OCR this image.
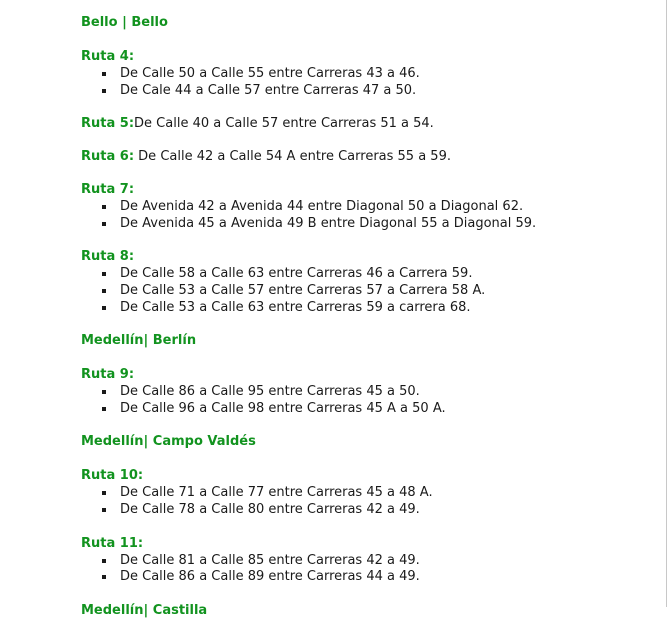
Bello | Bello
Ruta 4:
De Calle 50 a Calle 55 entre Carreras 43 a 46.
De Cale 44 a Calle 57 entre Carreras 47 a 50.
Ruta 5:De Calle 40 a Calle 57 entre Carreras 51 a 54.
Ruta 6: De Calle 42 a Calle 54 A entre Carreras 55 a 59.
Ruta 7:
De Avenida 42 a Avenida 44 entre Diagonal 50 a Diagonal 62.
De Avenida 45 a Avenida 49 B entre Diagonal 55 a Diagonal 59.
Ruta 8:
De Calle 58 a Calle 63 entre Carreras 46 a Carrera 59.
De Calle 53 a Calle 57 entre Carreras 57 a Carrera 58 A.
De Calle 53 a Calle 63 entre Carreras 59 a carrera 68.
Medellín| Berlín
Ruta 9:
De Calle 86 a Calle 95 entre Carreras 45 a 50.
De Calle 96 a Calle 98 entre Carreras 45 A a 50 A.
Medellín| Campo Valdés
Ruta 10:
De Calle 71 a Calle 77 entre Carreras 45 a 48 A.
De Calle 78 a Calle 80 entre Carreras 42 a 49.
Ruta 11:
De Calle 81 a Calle 85 entre Carreras 42 a 49.
De Calle 86 a Calle 89 entre Carreras 44 a 49.
Medellín| Castilla
